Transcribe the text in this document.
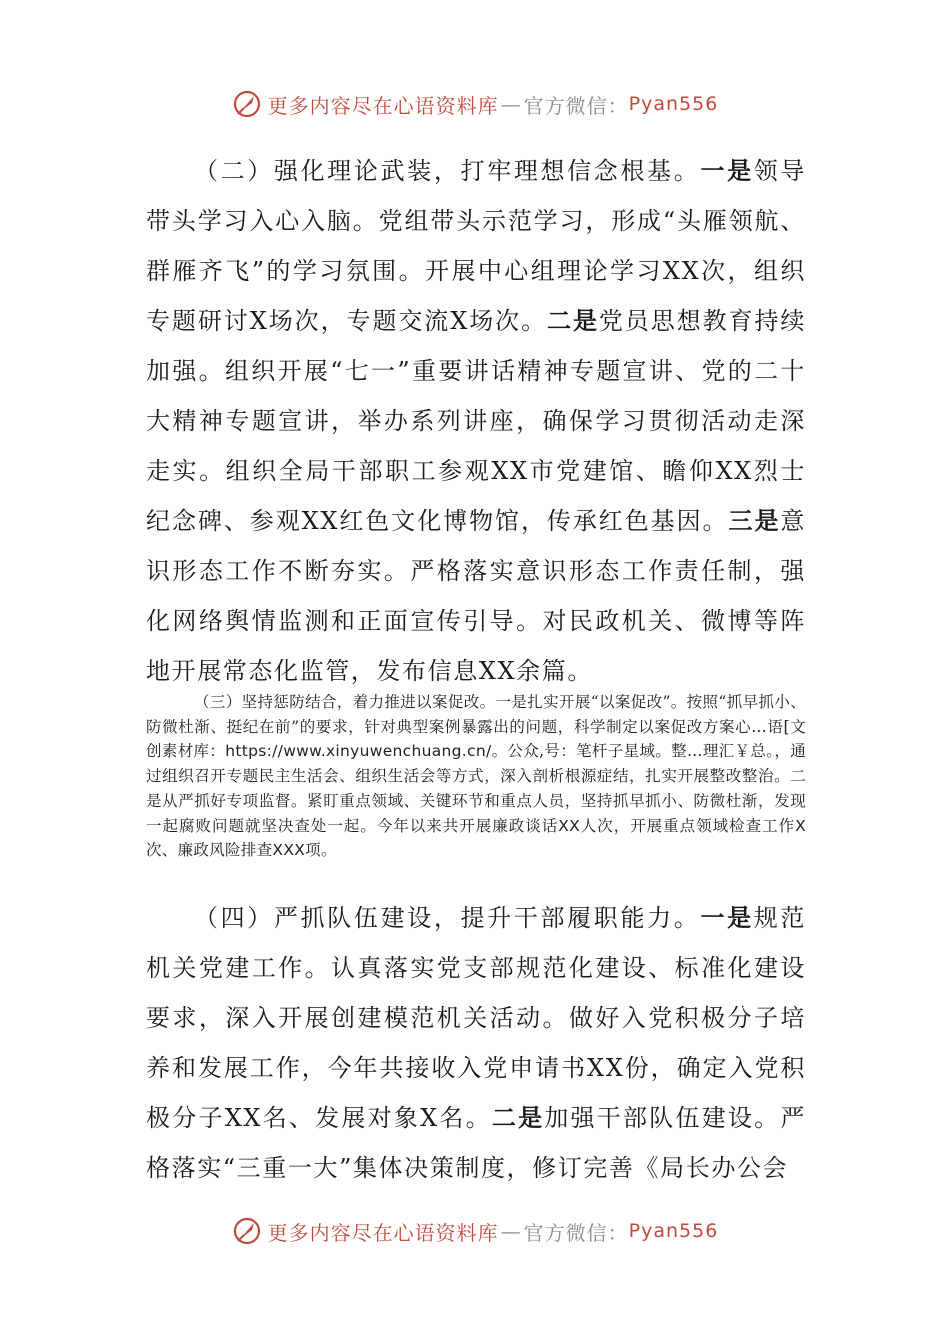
更多内容尽在心语资料库 — 官方微信： Pyan556

（二）强化理论武装，打牢理想信念根基。一是领导带头学习入心入脑。党组带头示范学习，形成“头雁领航、群雁齐飞”的学习氛围。开展中心组理论学习XX次，组织专题研讨X场次，专题交流X场次。二是党员思想教育持续加强。组织开展“七一”重要讲话精神专题宣讲、党的二十大精神专题宣讲，举办系列讲座，确保学习贯彻活动走深走实。组织全局干部职工参观XX市党建馆、瞻仰XX烈士纪念碑、参观XX红色文化博物馆，传承红色基因。三是意识形态工作不断夯实。严格落实意识形态工作责任制，强化网络舆情监测和正面宣传引导。对民政机关、微博等阵地开展常态化监管，发布信息XX余篇。

（三）坚持惩防结合，着力推进以案促改。一是扎实开展“以案促改”。按照“抓早抓小、防微杜渐、挺纪在前”的要求，针对典型案例暴露出的问题，科学制定以案促改方案心…语[文创素材库：https://www.xinyuwenchuang.cn/。公众,号：笔杆子星域。整…理汇￥总。，通过组织召开专题民主生活会、组织生活会等方式，深入剖析根源症结，扎实开展整改整治。二是从严抓好专项监督。紧盯重点领域、关键环节和重点人员，坚持抓早抓小、防微杜渐，发现一起腐败问题就坚决查处一起。今年以来共开展廉政谈话XX人次，开展重点领域检查工作X次、廉政风险排查XXX项。

（四）严抓队伍建设，提升干部履职能力。一是规范机关党建工作。认真落实党支部规范化建设、标准化建设要求，深入开展创建模范机关活动。做好入党积极分子培养和发展工作，今年共接收入党申请书XX份，确定入党积极分子XX名、发展对象X名。二是加强干部队伍建设。严格落实“三重一大”集体决策制度，修订完善《局长办公会

更多内容尽在心语资料库 — 官方微信： Pyan556
